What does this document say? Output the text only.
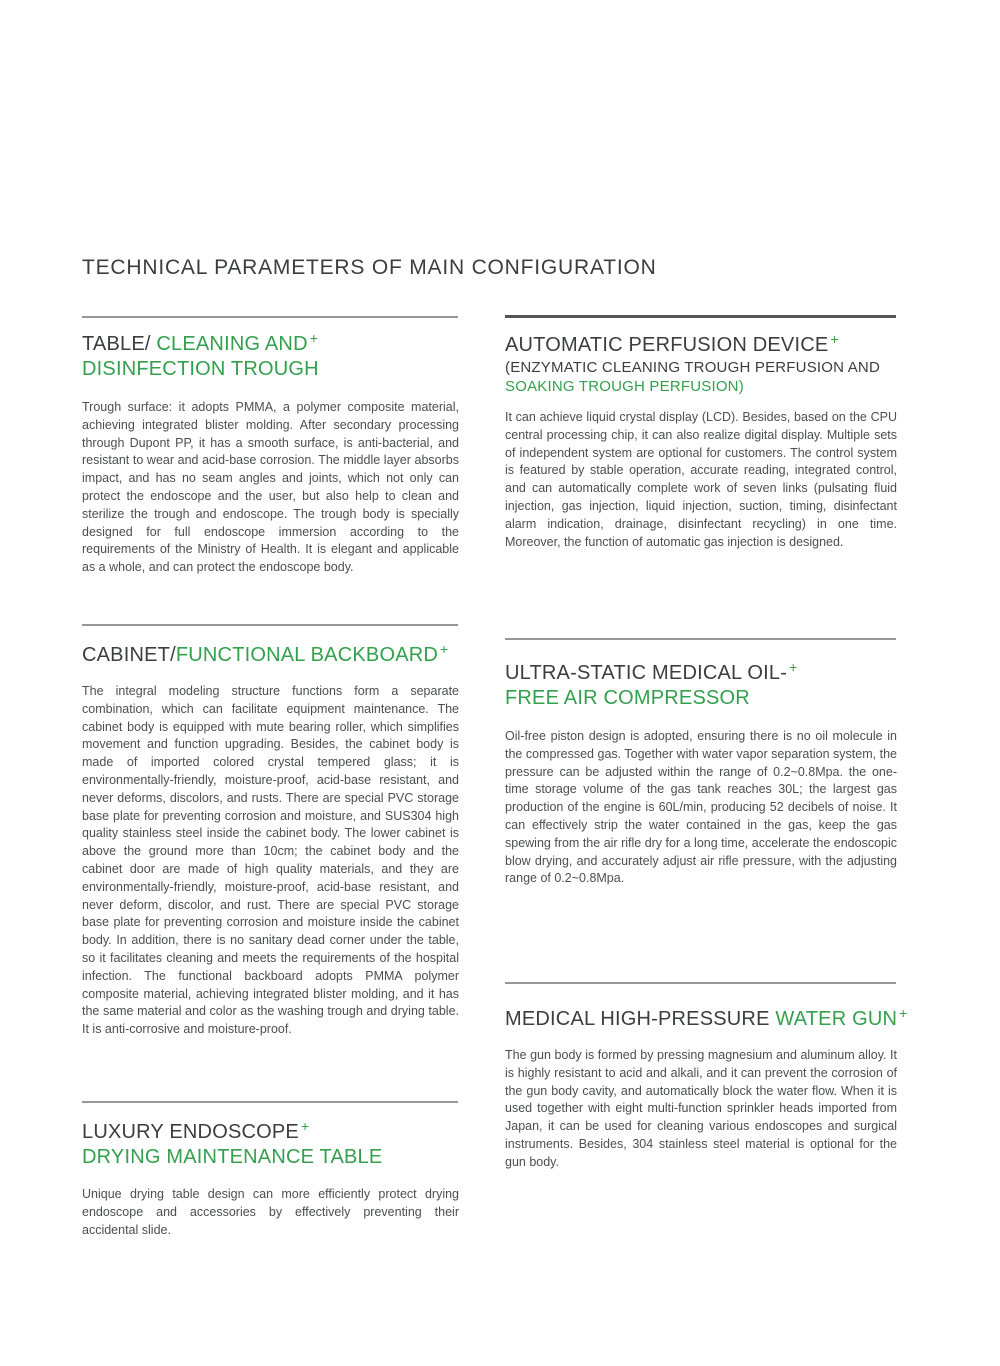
TECHNICAL PARAMETERS OF MAIN CONFIGURATION
TABLE/ CLEANING AND +
DISINFECTION TROUGH
Trough surface: it adopts PMMA, a polymer composite material, achieving integrated blister molding. After secondary processing through Dupont PP, it has a smooth surface, is anti-bacterial, and resistant to wear and acid-base corrosion. The middle layer absorbs impact, and has no seam angles and joints, which not only can protect the endoscope and the user, but also help to clean and sterilize the trough and endoscope. The trough body is specially designed for full endoscope immersion according to the requirements of the Ministry of Health. It is elegant and applicable as a whole, and can protect the endoscope body.
CABINET/FUNCTIONAL BACKBOARD +
The integral modeling structure functions form a separate combination, which can facilitate equipment maintenance. The cabinet body is equipped with mute bearing roller, which simplifies movement and function upgrading. Besides, the cabinet body is made of imported colored crystal tempered glass; it is environmentally-friendly, moisture-proof, acid-base resistant, and never deforms, discolors, and rusts. There are special PVC storage base plate for preventing corrosion and moisture, and SUS304 high quality stainless steel inside the cabinet body. The lower cabinet is above the ground more than 10cm; the cabinet body and the cabinet door are made of high quality materials, and they are environmentally-friendly, moisture-proof, acid-base resistant, and never deform, discolor, and rust. There are special PVC storage base plate for preventing corrosion and moisture inside the cabinet body. In addition, there is no sanitary dead corner under the table, so it facilitates cleaning and meets the requirements of the hospital infection. The functional backboard adopts PMMA polymer composite material, achieving integrated blister molding, and it has the same material and color as the washing trough and drying table. It is anti-corrosive and moisture-proof.
LUXURY ENDOSCOPE +
DRYING MAINTENANCE TABLE
Unique drying table design can more efficiently protect drying endoscope and accessories by effectively preventing their accidental slide.
AUTOMATIC PERFUSION DEVICE +
(ENZYMATIC CLEANING TROUGH PERFUSION AND
SOAKING TROUGH PERFUSION)
It can achieve liquid crystal display (LCD). Besides, based on the CPU central processing chip, it can also realize digital display. Multiple sets of independent system are optional for customers. The control system is featured by stable operation, accurate reading, integrated control, and can automatically complete work of seven links (pulsating fluid injection, gas injection, liquid injection, suction, timing, disinfectant alarm indication, drainage, disinfectant recycling) in one time. Moreover, the function of automatic gas injection is designed.
ULTRA-STATIC MEDICAL OIL- +
FREE AIR COMPRESSOR
Oil-free piston design is adopted, ensuring there is no oil molecule in the compressed gas. Together with water vapor separation system, the pressure can be adjusted within the range of 0.2~0.8Mpa. the one-time storage volume of the gas tank reaches 30L; the largest gas production of the engine is 60L/min, producing 52 decibels of noise. It can effectively strip the water contained in the gas, keep the gas spewing from the air rifle dry for a long time, accelerate the endoscopic blow drying, and accurately adjust air rifle pressure, with the adjusting range of 0.2~0.8Mpa.
MEDICAL HIGH-PRESSURE WATER GUN +
The gun body is formed by pressing magnesium and aluminum alloy. It is highly resistant to acid and alkali, and it can prevent the corrosion of the gun body cavity, and automatically block the water flow. When it is used together with eight multi-function sprinkler heads imported from Japan, it can be used for cleaning various endoscopes and surgical instruments. Besides, 304 stainless steel material is optional for the gun body.
